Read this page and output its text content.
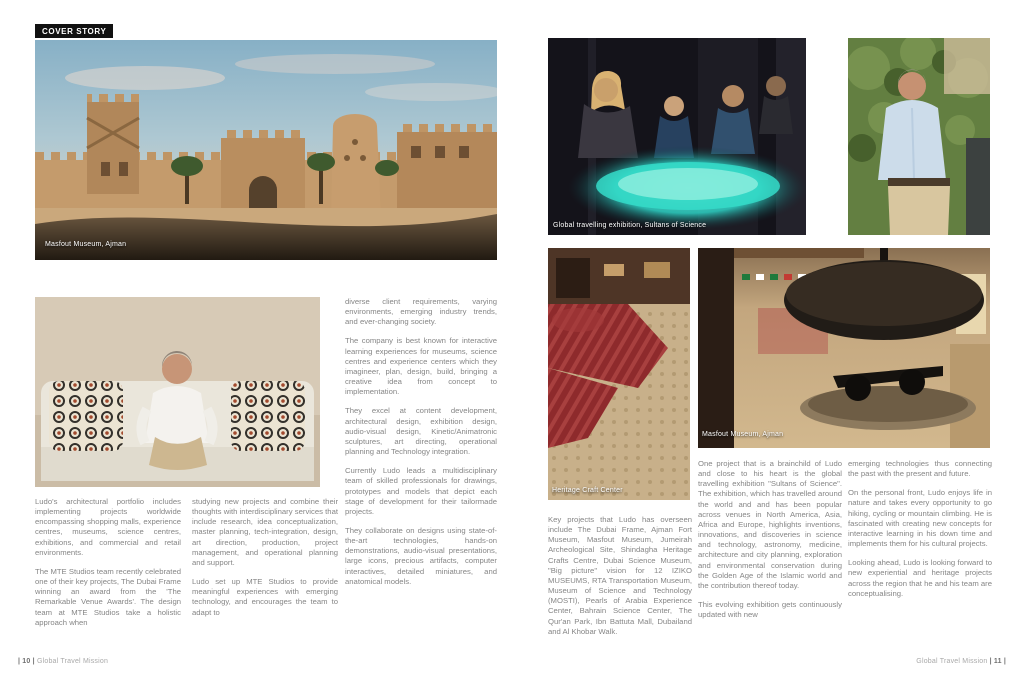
COVER STORY
Masfout Museum, Ajman

Ludo's architectural portfolio includes implementing projects worldwide encompassing shopping malls, experience centres, museums, science centres, exhibitions, and commercial and retail environments.

The MTE Studios team recently celebrated one of their key projects, The Dubai Frame winning an award from the 'The Remarkable Venue Awards'. The design team at MTE Studios take a holistic approach when

studying new projects and combine their thoughts with interdisciplinary services that include research, idea conceptualization, master planning, tech-integration, design, art direction, production, project management, and operational planning and support.

Ludo set up MTE Studios to provide meaningful experiences with emerging technology, and encourages the team to adapt to

diverse client requirements, varying environments, emerging industry trends, and ever-changing society.

The company is best known for interactive learning experiences for museums, science centres and experience centers which they imagineer, plan, design, build, bringing a creative idea from concept to implementation.

They excel at content development, architectural design, exhibition design, audio-visual design, Kinetic/Animatronic sculptures, art directing, operational planning and Technology integration.

Currently Ludo leads a multidisciplinary team of skilled professionals for drawings, prototypes and models that depict each stage of development for their tailormade projects.

They collaborate on designs using state-of-the-art technologies, hands-on demonstrations, audio-visual presentations, large icons, precious artifacts, computer interactives, detailed miniatures, and anatomical models.

| 10 | Global Travel Mission
Global travelling exhibition, Sultans of Science
Heritage Craft Center
Masfout Museum, Ajman

Key projects that Ludo has overseen include The Dubai Frame, Ajman Fort Museum, Masfout Museum, Jumeirah Archeological Site, Shindagha Heritage Crafts Centre, Dubai Science Museum, "Big picture" vision for 12 IZIKO MUSEUMS, RTA Transportation Museum, Museum of Science and Technology (MOSTI), Pearls of Arabia Experience Center, Bahrain Science Center, The Qur'an Park, Ibn Battuta Mall, Dubailand and Al Khobar Walk.

One project that is a brainchild of Ludo and close to his heart is the global travelling exhibition "Sultans of Science". The exhibition, which has travelled around the world and and has been popular across venues in North America, Asia, Africa and Europe, highlights inventions, innovations, and discoveries in science and technology, astronomy, medicine, architecture and city planning, exploration and environmental conservation during the Golden Age of the Islamic world and the contribution thereof today.

This evolving exhibition gets continuously updated with new

emerging technologies thus connecting the past with the present and future.

On the personal front, Ludo enjoys life in nature and takes every opportunity to go hiking, cycling or mountain climbing. He is fascinated with creating new concepts for interactive learning in his down time and implements them for his cultural projects.

Looking ahead, Ludo is looking forward to new experiential and heritage projects across the region that he and his team are conceptualising.

Global Travel Mission | 11 |
